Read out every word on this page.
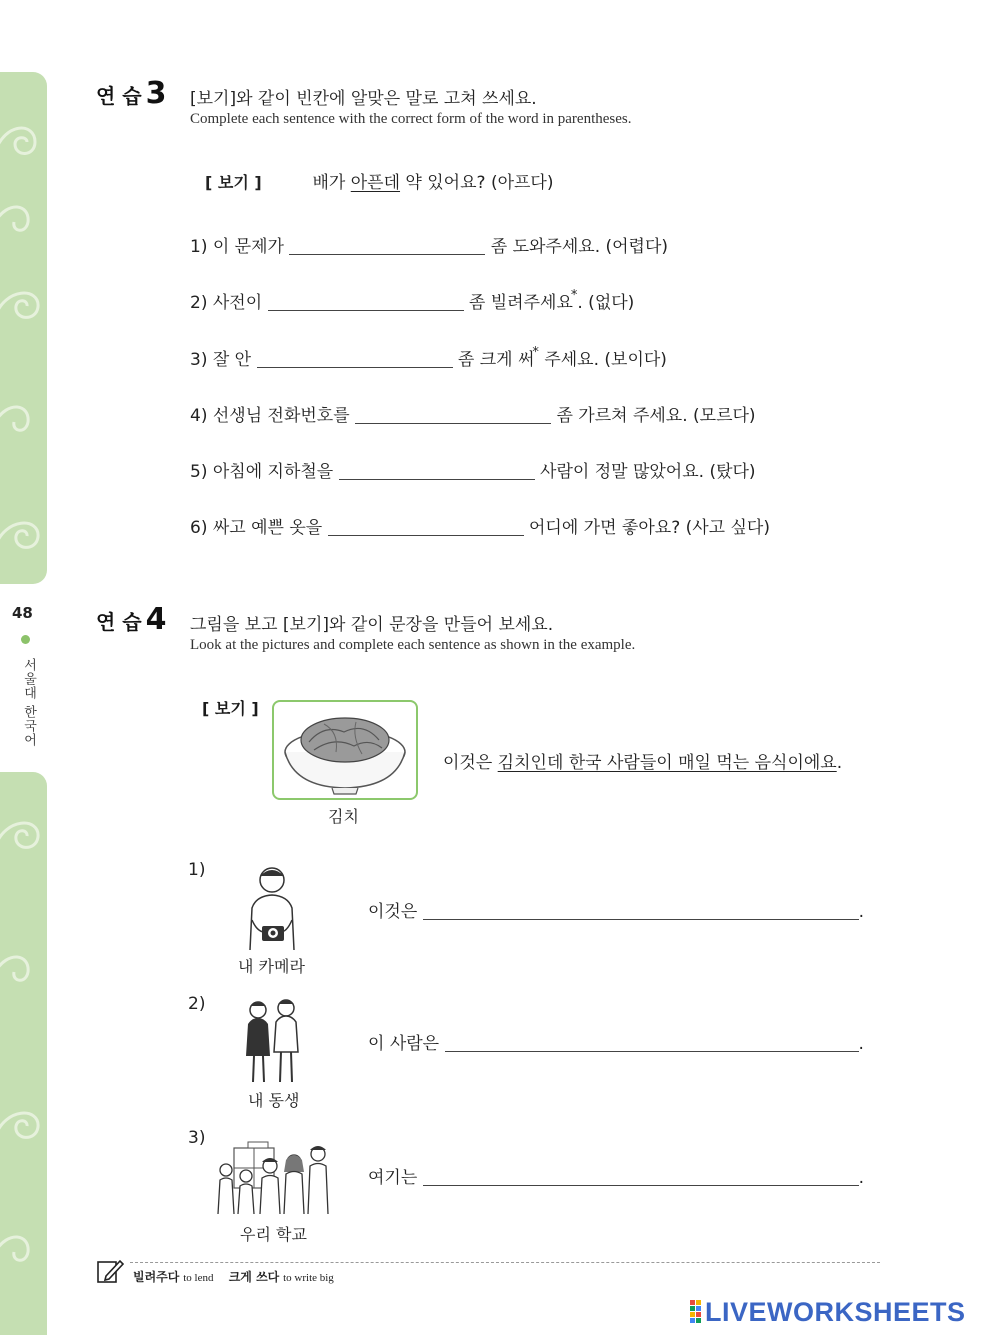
48
서울대 한국어
연 습 3 [보기]와 같이 빈칸에 알맞은 말로 고쳐 쓰세요.
Complete each sentence with the correct form of the word in parentheses.
[ 보기 ]	배가 아픈데 약 있어요? (아프다)
1) 이 문제가	좀 도와주세요. (어렵다)
2) 사전이	좀 빌려주세요*. (없다)
3) 잘 안	좀 크게 써* 주세요. (보이다)
4) 선생님 전화번호를	좀 가르쳐 주세요. (모르다)
5) 아침에 지하철을	사람이 정말 많았어요. (탔다)
6) 싸고 예쁜 옷을	어디에 가면 좋아요? (사고 싶다)
연 습 4 그림을 보고 [보기]와 같이 문장을 만들어 보세요.
Look at the pictures and complete each sentence as shown in the example.
[ 보기 ]
김치
이것은 김치인데 한국 사람들이 매일 먹는 음식이에요.
1)
내 카메라
이것은	.
2)
내 동생
이 사람은	.
3)
우리 학교
여기는	.
빌려주다 to lend 크게 쓰다 to write big
LIVEWORKSHEETS
